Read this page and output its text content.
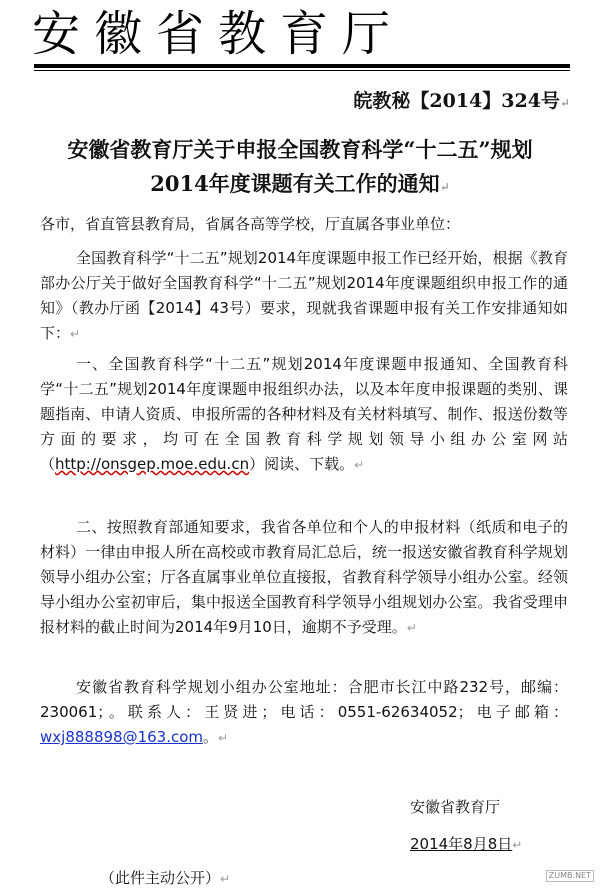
安徽省教育厅
皖教秘【2014】324号↵
安徽省教育厅关于申报全国教育科学“十二五”规划2014年度课题有关工作的通知↵
各市，省直管县教育局，省属各高等学校，厅直属各事业单位：
全国教育科学“十二五”规划2014年度课题申报工作已经开始，根据《教育部办公厅关于做好全国教育科学“十二五”规划2014年度课题组织申报工作的通知》（教办厅函【2014】43号）要求，现就我省课题申报有关工作安排通知如下：↵
一、全国教育科学“十二五”规划2014年度课题申报通知、全国教育科学“十二五”规划2014年度课题申报组织办法，以及本年度申报课题的类别、课题指南、申请人资质、申报所需的各种材料及有关材料填写、制作、报送份数等方面的要求，均可在全国教育科学规划领导小组办公室网站（http://onsgep.moe.edu.cn）阅读、下载。↵
二、按照教育部通知要求，我省各单位和个人的申报材料（纸质和电子的材料）一律由申报人所在高校或市教育局汇总后，统一报送安徽省教育科学规划领导小组办公室；厅各直属事业单位直接报，省教育科学领导小组办公室。经领导小组办公室初审后，集中报送全国教育科学领导小组规划办公室。我省受理申报材料的截止时间为2014年9月10日，逾期不予受理。↵
安徽省教育科学规划小组办公室地址：合肥市长江中路232号，邮编：230061；。联系人：王贤进；电话：0551-62634052；电子邮箱：wxj888898@163.com。↵
安徽省教育厅
2014年8月8日↵
（此件主动公开）↵	ZUMB.NET
